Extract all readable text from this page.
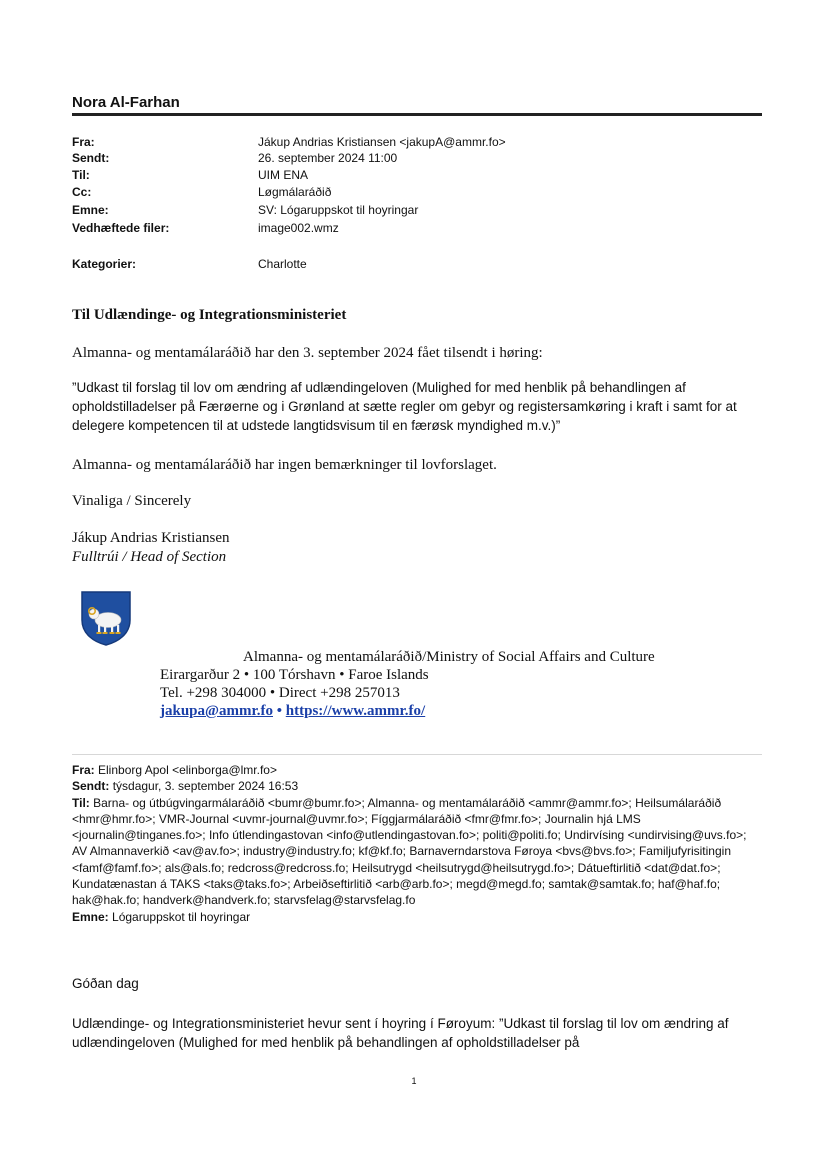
Nora Al-Farhan
Fra:	Jákup Andrias Kristiansen <jakupA@ammr.fo>
Sendt:	26. september 2024 11:00
Til:	UIM ENA
Cc:	Løgmálaráðið
Emne:	SV: Lógaruppskot til hoyringar
Vedhæftede filer:	image002.wmz
Kategorier:	Charlotte
Til Udlændinge- og Integrationsministeriet
Almanna- og mentamálaráðið har den 3. september 2024 fået tilsendt i høring:
”Udkast til forslag til lov om ændring af udlændingeloven (Mulighed for med henblik på behandlingen af opholdstilladelser på Færøerne og i Grønland at sætte regler om gebyr og registersamkøring i kraft i samt for at delegere kompetencen til at udstede langtidsvisum til en færøsk myndighed m.v.)”
Almanna- og mentamálaráðið har ingen bemærkninger til lovforslaget.
Vinaliga / Sincerely
Jákup Andrias Kristiansen
Fulltrúi / Head of Section
Almanna- og mentamálaráðið/Ministry of Social Affairs and Culture
Eirargarður 2 • 100 Tórshavn • Faroe Islands
Tel. +298 304000 • Direct +298 257013
jakupa@ammr.fo • https://www.ammr.fo/
Fra: Elinborg Apol <elinborga@lmr.fo>
Sendt: týsdagur, 3. september 2024 16:53
Til: Barna- og útbúgvingarmálaráðið <bumr@bumr.fo>; Almanna- og mentamálaráðið <ammr@ammr.fo>; Heilsumálaráðið <hmr@hmr.fo>; VMR-Journal <uvmr-journal@uvmr.fo>; Fíggjarmálaráðið <fmr@fmr.fo>; Journalin hjá LMS <journalin@tinganes.fo>; Info útlendingastovan <info@utlendingastovan.fo>; politi@politi.fo; Undirvísing <undirvising@uvs.fo>; AV Almannaverkið <av@av.fo>; industry@industry.fo; kf@kf.fo; Barnaverndarstova Føroya <bvs@bvs.fo>; Familjufyrisitingin <famf@famf.fo>; als@als.fo; redcross@redcross.fo; Heilsutrygd <heilsutrygd@heilsutrygd.fo>; Dátueftirlitið <dat@dat.fo>; Kundatænastan á TAKS <taks@taks.fo>; Arbeiðseftirlitið <arb@arb.fo>; megd@megd.fo; samtak@samtak.fo; haf@haf.fo; hak@hak.fo; handverk@handverk.fo; starvsfelag@starvsfelag.fo
Emne: Lógaruppskot til hoyringar
Góðan dag
Udlændinge- og Integrationsministeriet hevur sent í hoyring í Føroyum: ”Udkast til forslag til lov om ændring af udlændingeloven (Mulighed for med henblik på behandlingen af opholdstilladelser på
1
